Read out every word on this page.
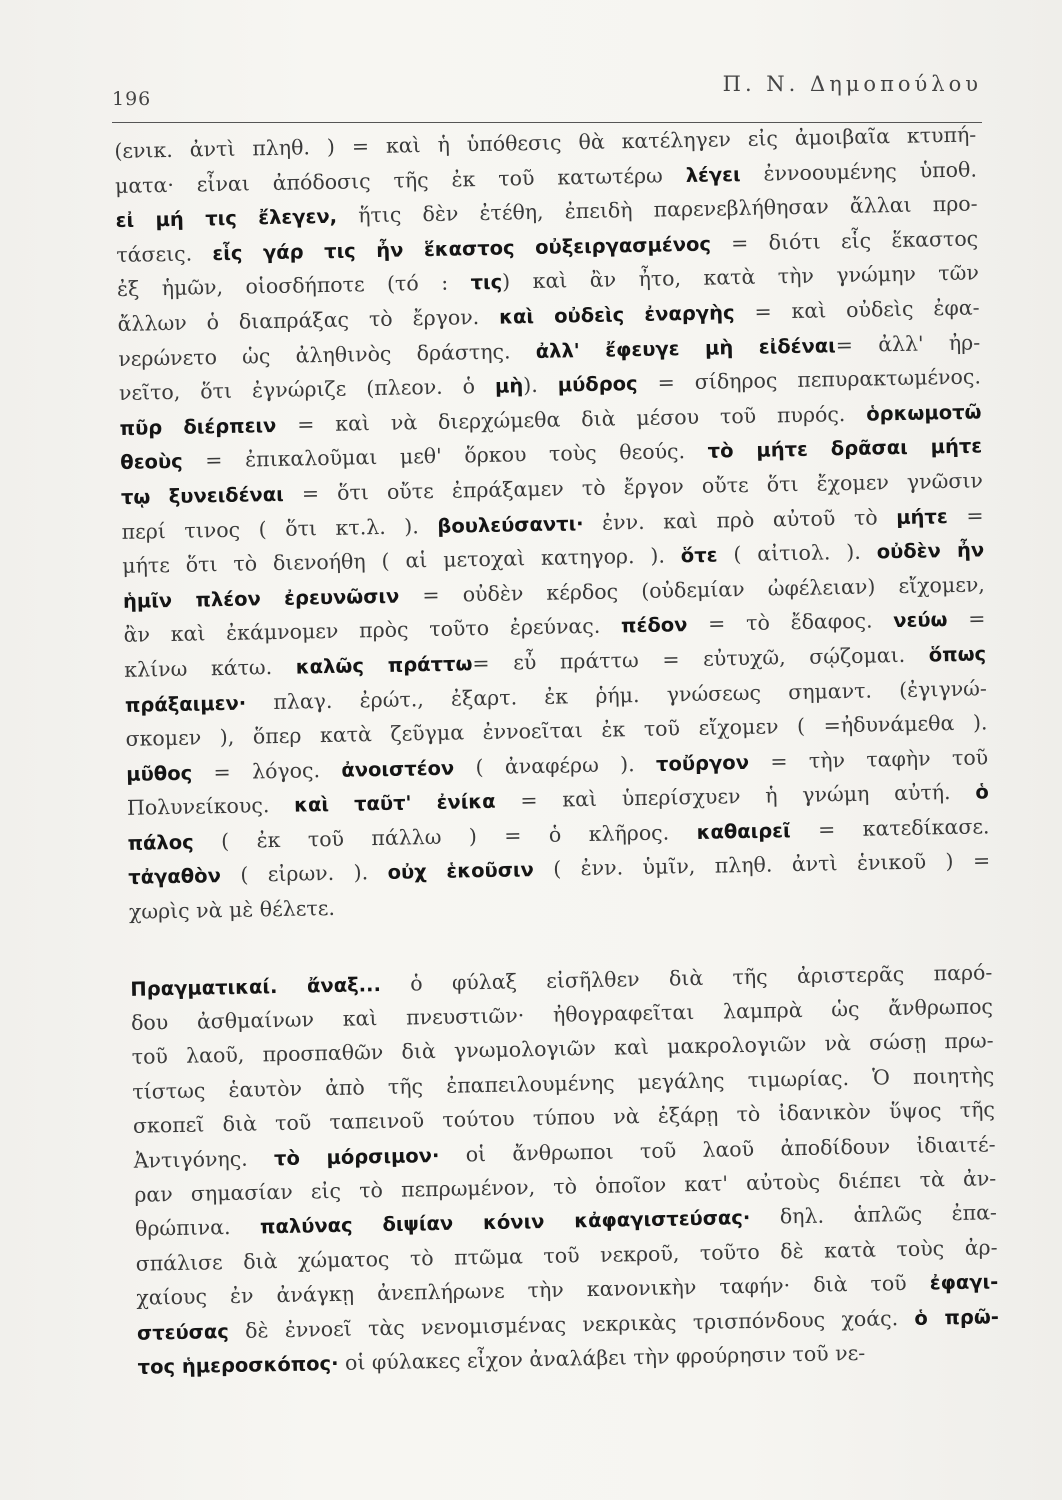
196
Π. Ν. Δημοπούλου
(ενικ. ἀντὶ πληθ. ) = καὶ ἡ ὑπόθεσις θὰ κατέληγεν εἰς ἀμοιβαῖα κτυπή-
ματα· εἶναι ἀπόδοσις τῆς ἐκ τοῦ κατωτέρω λέγει ἐννοουμένης ὑποθ.
εἰ μή τις ἔλεγεν, ἥτις δὲν ἐτέθη, ἐπειδὴ παρενεβλήθησαν ἄλλαι προ-
τάσεις. εἷς γάρ τις ἦν ἕκαστος οὐξειργασμένος = διότι εἷς ἕκαστος
ἐξ ἡμῶν, οἱοσδήποτε (τό : τις) καὶ ἂν ἦτο, κατὰ τὴν γνώμην τῶν
ἄλλων ὁ διαπράξας τὸ ἔργον. καὶ οὐδεὶς ἐναργὴς = καὶ οὐδεὶς ἐφα-
νερώνετο ὡς ἀληθινὸς δράστης. ἀλλ' ἔφευγε μὴ εἰδέναι= ἀλλ' ἠρ-
νεῖτο, ὅτι ἐγνώριζε (πλεον. ὁ μὴ). μύδρος = σίδηρος πεπυρακτωμένος.
πῦρ διέρπειν = καὶ νὰ διερχώμεθα διὰ μέσου τοῦ πυρός. ὁρκωμοτῶ
θεοὺς = ἐπικαλοῦμαι μεθ' ὅρκου τοὺς θεούς. τὸ μήτε δρᾶσαι μήτε
τῳ ξυνειδέναι = ὅτι οὔτε ἐπράξαμεν τὸ ἔργον οὔτε ὅτι ἔχομεν γνῶσιν
περί τινος ( ὅτι κτ.λ. ). βουλεύσαντι· ἐνν. καὶ πρὸ αὐτοῦ τὸ μήτε =
μήτε ὅτι τὸ διενοήθη ( αἱ μετοχαὶ κατηγορ. ). ὅτε ( αἰτιολ. ). οὐδὲν ἦν
ἡμῖν πλέον ἐρευνῶσιν = οὐδὲν κέρδος (οὐδεμίαν ὠφέλειαν) εἴχομεν,
ἂν καὶ ἐκάμνομεν πρὸς τοῦτο ἐρεύνας. πέδον = τὸ ἔδαφος. νεύω =
κλίνω κάτω. καλῶς πράττω= εὖ πράττω = εὐτυχῶ, σῴζομαι. ὅπως
πράξαιμεν· πλαγ. ἐρώτ., ἐξαρτ. ἐκ ῥήμ. γνώσεως σημαντ. (ἐγιγνώ-
σκομεν ), ὅπερ κατὰ ζεῦγμα ἐννοεῖται ἐκ τοῦ εἴχομεν ( =ἠδυνάμεθα ).
μῦθος = λόγος. ἀνοιστέον ( ἀναφέρω ). τοὔργον = τὴν ταφὴν τοῦ
Πολυνείκους. καὶ ταῦτ' ἐνίκα = καὶ ὑπερίσχυεν ἡ γνώμη αὐτή. ὁ
πάλος ( ἐκ τοῦ πάλλω ) = ὁ κλῆρος. καθαιρεῖ = κατεδίκασε.
τἀγαθὸν ( εἰρων. ). οὐχ ἑκοῦσιν ( ἐνν. ὑμῖν, πληθ. ἀντὶ ἑνικοῦ ) =
χωρὶς νὰ μὲ θέλετε.
Πραγματικαί. ἄναξ... ὁ φύλαξ εἰσῆλθεν διὰ τῆς ἀριστερᾶς παρό-
δου ἀσθμαίνων καὶ πνευστιῶν· ἠθογραφεῖται λαμπρὰ ὡς ἄνθρωπος
τοῦ λαοῦ, προσπαθῶν διὰ γνωμολογιῶν καὶ μακρολογιῶν νὰ σώσῃ πρω-
τίστως ἑαυτὸν ἀπὸ τῆς ἐπαπειλουμένης μεγάλης τιμωρίας. Ὁ ποιητὴς
σκοπεῖ διὰ τοῦ ταπεινοῦ τούτου τύπου νὰ ἐξάρῃ τὸ ἰδανικὸν ὕψος τῆς
Ἀντιγόνης. τὸ μόρσιμον· οἱ ἄνθρωποι τοῦ λαοῦ ἀποδίδουν ἰδιαιτέ-
ραν σημασίαν εἰς τὸ πεπρωμένον, τὸ ὁποῖον κατ' αὐτοὺς διέπει τὰ ἀν-
θρώπινα. παλύνας διψίαν κόνιν κἀφαγιστεύσας· δηλ. ἁπλῶς ἐπα-
σπάλισε διὰ χώματος τὸ πτῶμα τοῦ νεκροῦ, τοῦτο δὲ κατὰ τοὺς ἀρ-
χαίους ἐν ἀνάγκῃ ἀνεπλήρωνε τὴν κανονικὴν ταφήν· διὰ τοῦ ἐφαγι-
στεύσας δὲ ἐννοεῖ τὰς νενομισμένας νεκρικὰς τρισπόνδους χοάς. ὁ πρῶ-
τος ἡμεροσκόπος· οἱ φύλακες εἶχον ἀναλάβει τὴν φρούρησιν τοῦ νε-
